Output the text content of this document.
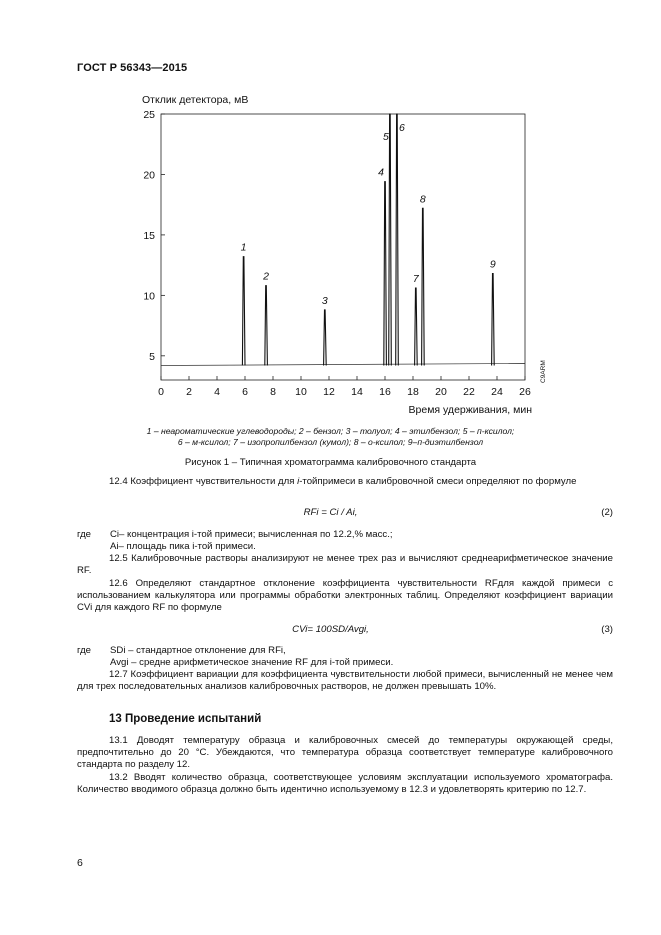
ГОСТ Р 56343—2015
Отклик детектора, мВ
Время удерживания, мин
5
10
15
20
25
0 2 4 6 8 10 12 14 16 18 20 22 24 26
1
2
3
4
5
6
7
8
9
C9ARM
1 – неароматические углеводороды; 2 – бензол; 3 – толуол; 4 – этилбензол; 5 – п-ксилол;
6 – м-ксилол; 7 – изопропилбензол (кумол); 8 – о-ксилол; 9–п-диэтилбензол
Рисунок 1 – Типичная хроматограмма калибровочного стандарта
12.4 Коэффициент чувствительности для i-тойпримеси в калибровочной смеси определяют по формуле
RFi = Ci / Ai,	(2)
где Ci– концентрация i-той примеси; вычисленная по 12.2,% масс.;
Ai– площадь пика i-той примеси.
12.5 Калибровочные растворы анализируют не менее трех раз и вычисляют среднеарифметическое значение RF.
12.6 Определяют стандартное отклонение коэффициента чувствительности RFдля каждой примеси с использованием калькулятора или программы обработки электронных таблиц. Определяют коэффициент вариации CVi для каждого RF по формуле
CVi= 100SD/Avgi,	(3)
где SDi – стандартное отклонение для RFi,
Avgi – средне арифметическое значение RF для i-той примеси.
12.7 Коэффициент вариации для коэффициента чувствительности любой примеси, вычисленный не менее чем для трех последовательных анализов калибровочных растворов, не должен превышать 10%.
13 Проведение испытаний
13.1 Доводят температуру образца и калибровочных смесей до температуры окружающей среды, предпочтительно до 20 °С. Убеждаются, что температура образца соответствует температуре калибровочного стандарта по разделу 12.
13.2 Вводят количество образца, соответствующее условиям эксплуатации используемого хроматографа. Количество вводимого образца должно быть идентично используемому в 12.3 и удовлетворять критерию по 12.7.
6
